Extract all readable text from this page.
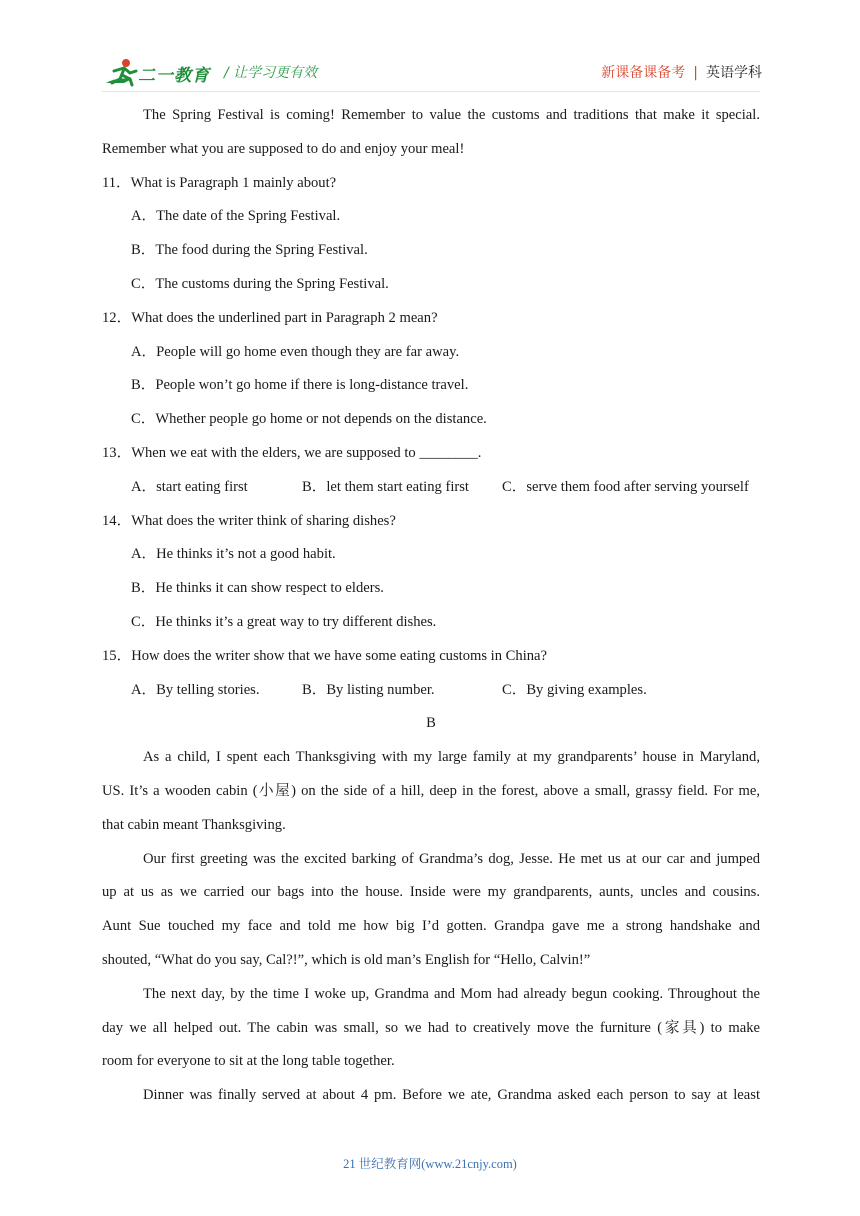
二一教育 / 让学习更有效	新课备课备考 | 英语学科
The Spring Festival is coming! Remember to value the customs and traditions that make it special.
Remember what you are supposed to do and enjoy your meal!
11．What is Paragraph 1 mainly about?
A．The date of the Spring Festival.
B．The food during the Spring Festival.
C．The customs during the Spring Festival.
12．What does the underlined part in Paragraph 2 mean?
A．People will go home even though they are far away.
B．People won’t go home if there is long-distance travel.
C．Whether people go home or not depends on the distance.
13．When we eat with the elders, we are supposed to ________.
A．start eating first	B．let them start eating first C．serve them food after serving yourself
14．What does the writer think of sharing dishes?
A．He thinks it’s not a good habit.
B．He thinks it can show respect to elders.
C．He thinks it’s a great way to try different dishes.
15．How does the writer show that we have some eating customs in China?
A．By telling stories.	B．By listing number.	C．By giving examples.
B
As a child, I spent each Thanksgiving with my large family at my grandparents’ house in Maryland,
US. It’s a wooden cabin (小屋) on the side of a hill, deep in the forest, above a small, grassy field. For me,
that cabin meant Thanksgiving.
Our first greeting was the excited barking of Grandma’s dog, Jesse. He met us at our car and jumped
up at us as we carried our bags into the house. Inside were my grandparents, aunts, uncles and cousins.
Aunt Sue touched my face and told me how big I’d gotten. Grandpa gave me a strong handshake and
shouted, “What do you say, Cal?!”, which is old man’s English for “Hello, Calvin!”
The next day, by the time I woke up, Grandma and Mom had already begun cooking. Throughout the
day we all helped out. The cabin was small, so we had to creatively move the furniture (家具) to make
room for everyone to sit at the long table together.
Dinner was finally served at about 4 pm. Before we ate, Grandma asked each person to say at least
21 世纪教育网(www.21cnjy.com)
